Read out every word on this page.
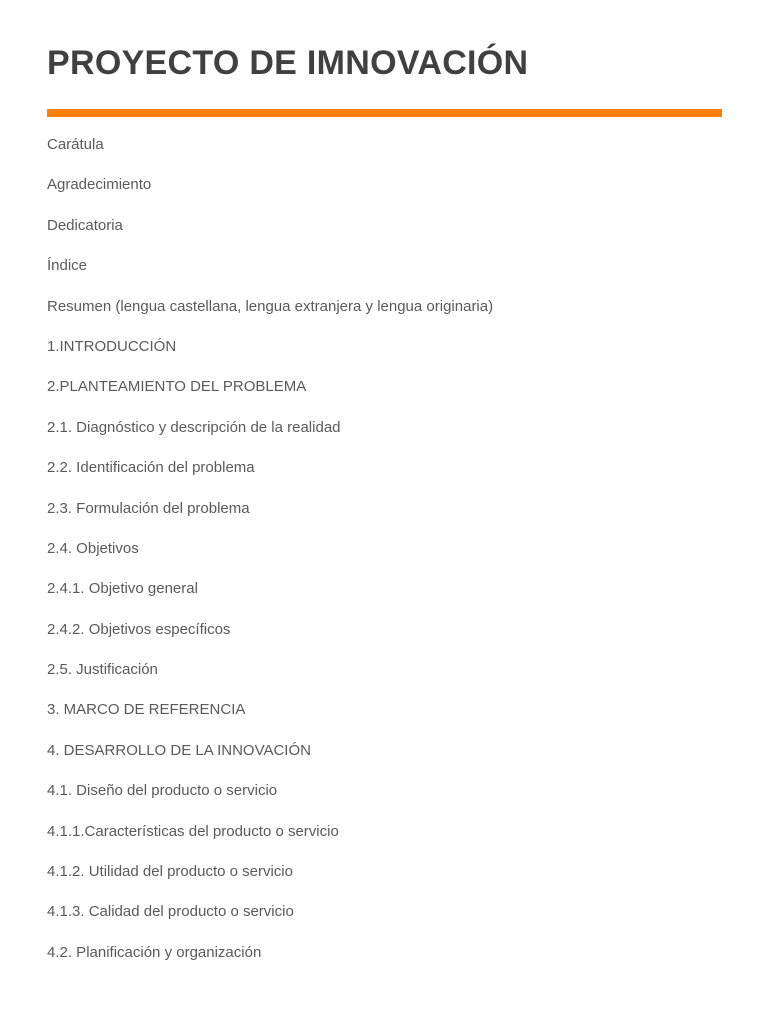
PROYECTO DE IMNOVACIÓN
Carátula
Agradecimiento
Dedicatoria
Índice
Resumen (lengua castellana, lengua extranjera y lengua originaria)
1.INTRODUCCIÓN
2.PLANTEAMIENTO DEL PROBLEMA
2.1. Diagnóstico y descripción de la realidad
2.2. Identificación del problema
2.3. Formulación del problema
2.4. Objetivos
2.4.1. Objetivo general
2.4.2. Objetivos específicos
2.5. Justificación
3. MARCO DE REFERENCIA
4. DESARROLLO DE LA INNOVACIÓN
4.1. Diseño del producto o servicio
4.1.1.Características del producto o servicio
4.1.2. Utilidad del producto o servicio
4.1.3. Calidad del producto o servicio
4.2. Planificación y organización
